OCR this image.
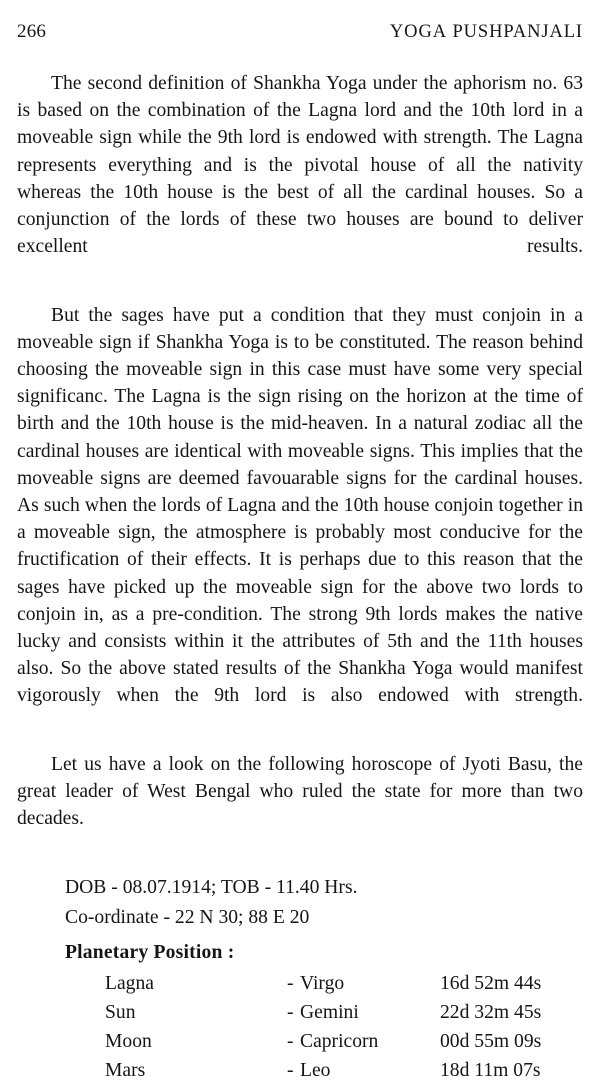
266	YOGA PUSHPANJALI

The second definition of Shankha Yoga under the aphorism no. 63 is based on the combination of the Lagna lord and the 10th lord in a moveable sign while the 9th lord is endowed with strength. The Lagna represents everything and is the pivotal house of all the nativity whereas the 10th house is the best of all the cardinal houses. So a conjunction of the lords of these two houses are bound to deliver excellent results.

But the sages have put a condition that they must conjoin in a moveable sign if Shankha Yoga is to be constituted. The reason behind choosing the moveable sign in this case must have some very special significanc. The Lagna is the sign rising on the horizon at the time of birth and the 10th house is the mid-heaven. In a natural zodiac all the cardinal houses are identical with moveable signs. This implies that the moveable signs are deemed favouarable signs for the cardinal houses. As such when the lords of Lagna and the 10th house conjoin together in a moveable sign, the atmosphere is probably most conducive for the fructification of their effects. It is perhaps due to this reason that the sages have picked up the moveable sign for the above two lords to conjoin in, as a pre-condition. The strong 9th lords makes the native lucky and consists within it the attributes of 5th and the 11th houses also. So the above stated results of the Shankha Yoga would manifest vigorously when the 9th lord is also endowed with strength.

Let us have a look on the following horoscope of Jyoti Basu, the great leader of West Bengal who ruled the state for more than two decades.

DOB - 08.07.1914; TOB - 11.40 Hrs.
Co-ordinate - 22 N 30; 88 E 20
Planetary Position :
Lagna	- Virgo	16d 52m 44s
Sun	- Gemini	22d 32m 45s
Moon	- Capricorn	00d 55m 09s
Mars	- Leo	18d 11m 07s
